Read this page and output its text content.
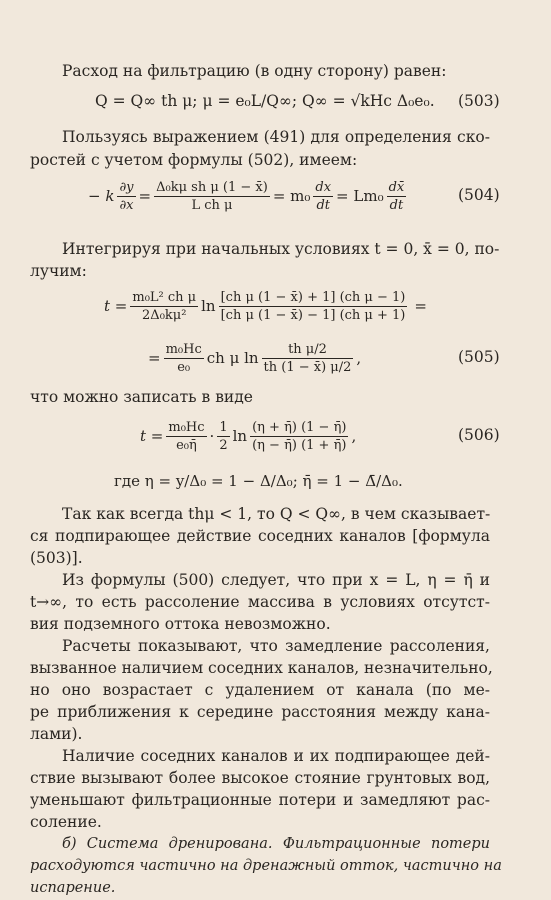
Расход на фильтрацию (в одну сторону) равен:
Q = Q∞ th μ; μ = e₀L/Q∞; Q∞ = √kHc Δ₀e₀. (503)
Пользуясь выражением (491) для определения ско-
ростей с учетом формулы (502), имеем:
− k $\frac{\partial y}{\partial x} = \frac{\text{Δ₀kμ sh μ (1 − x̄)}}{\text{L ch μ}} = m_0 \frac{dx}{dt} = Lm_0 \frac{dx̄}{dt}$	(504)
Интегрируя при начальных условиях t = 0, x̄ = 0, по-
лучим:
$t = \frac{\text{m₀L² ch μ}}{\text{2Δ₀kμ²}}$ $\ln \frac{\text{[ch μ (1 − x̄) + 1] (ch μ − 1)}}{\text{[ch μ (1 − x̄) − 1] (ch μ + 1)}}$ =
= $\frac{\text{m₀Hc}}{\text{e₀}}$ ch μ $\ln \frac{\text{th μ/2}}{th (1 - x̄) \mu/2}$ ,	(505)
что можно записать в виде
$t = \frac{\text{m₀Hc}}{\text{e₀η̄}} \cdot \frac{1}{2}$ $\ln \frac{(\eta + \etā) (1 - \etā)}{(\eta - \etā) (1 + \etā)}$ ,	(506)
где η = y/Δ₀ = 1 − Δ/Δ₀; η̄ = 1 − Δ̄/Δ₀.
Так как всегда thμ < 1, то Q < Q∞, в чем сказывает-
ся подпирающее действие соседних каналов [формула
(503)].
Из формулы (500) следует, что при x = L, η = η̄ и
t→∞, то есть рассоление массива в условиях отсутст-
вия подземного оттока невозможно.
Расчеты показывают, что замедление рассоления,
вызванное наличием соседних каналов, незначительно,
но оно возрастает с удалением от канала (по ме-
ре приближения к середине расстояния между кана-
лами).
Наличие соседних каналов и их подпирающее дей-
ствие вызывают более высокое стояние грунтовых вод,
уменьшают фильтрационные потери и замедляют рас-
соление.
б) Система дренирована. Фильтрационные потери
расходуются частично на дренажный отток, частично на
испарение.
